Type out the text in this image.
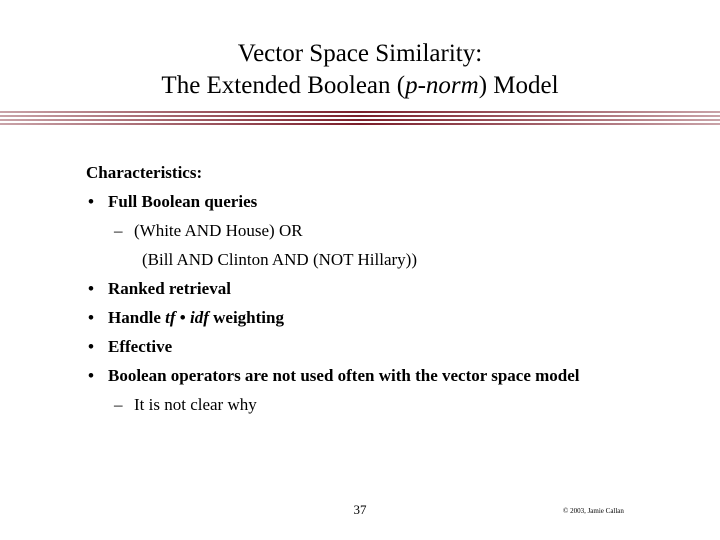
Vector Space Similarity:
The Extended Boolean (p-norm) Model
Characteristics:
• Full Boolean queries
– (White AND House) OR
(Bill AND Clinton AND (NOT Hillary))
• Ranked retrieval
• Handle tf • idf weighting
• Effective
• Boolean operators are not used often with the vector space model
– It is not clear why
37	© 2003, Jamie Callan
